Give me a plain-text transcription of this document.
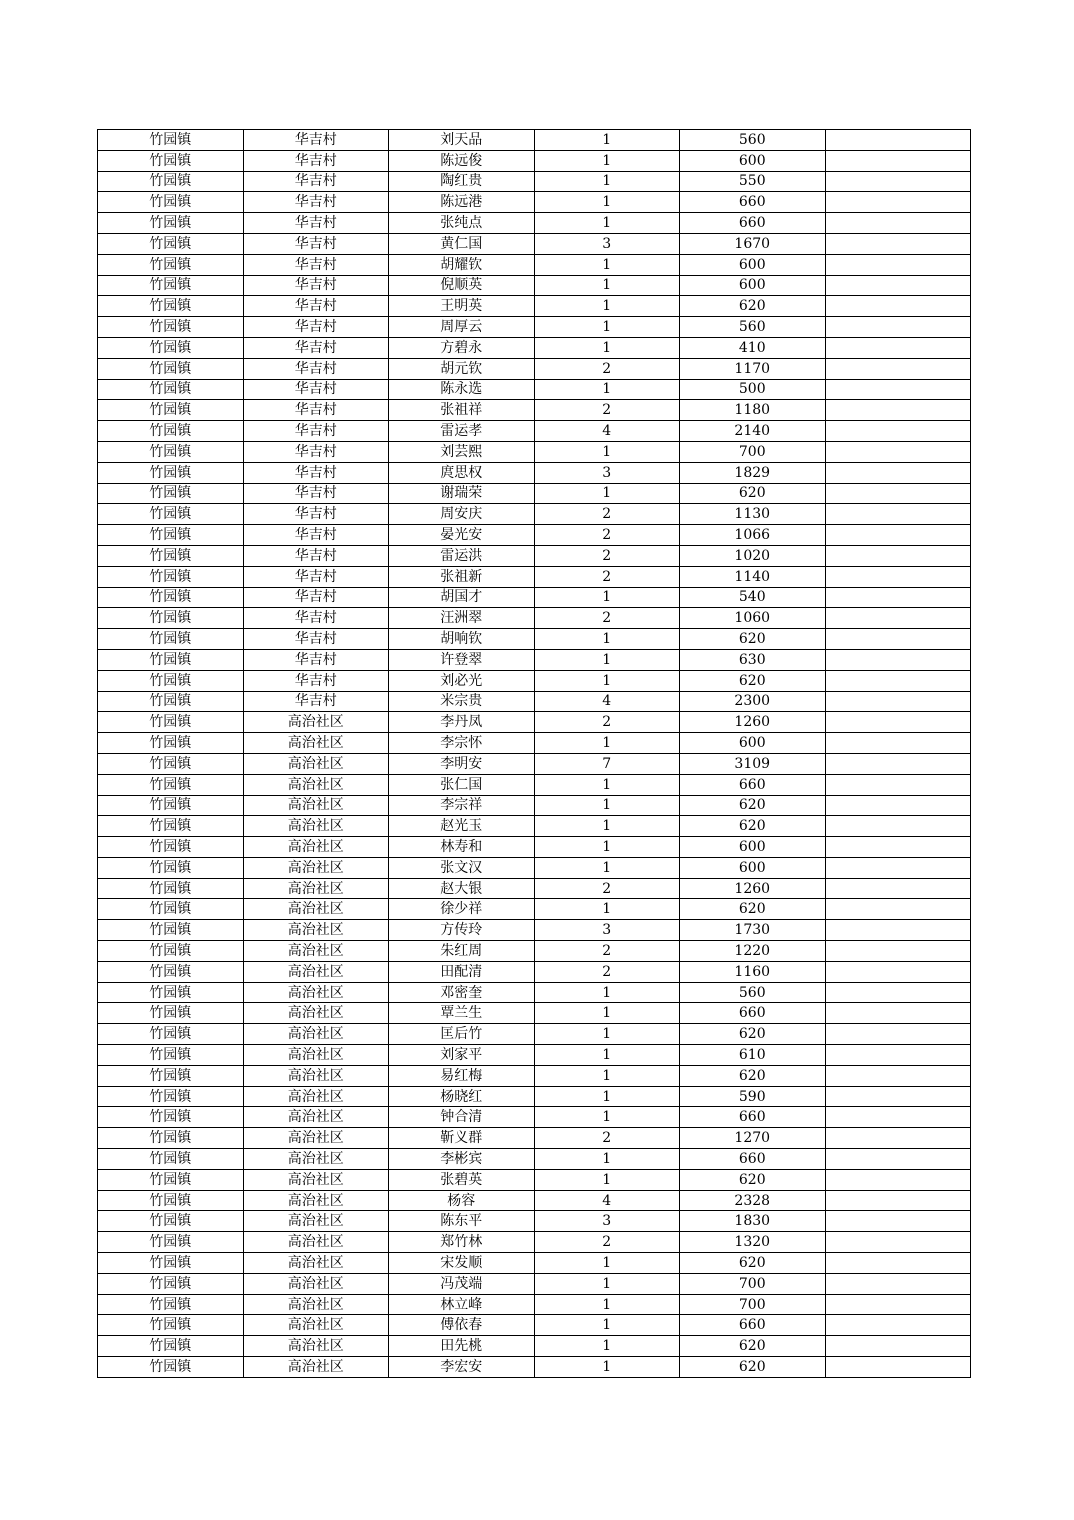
竹园镇	华吉村	刘天品	1	560	
竹园镇	华吉村	陈远俊	1	600	
竹园镇	华吉村	陶红贵	1	550	
竹园镇	华吉村	陈远港	1	660	
竹园镇	华吉村	张纯点	1	660	
竹园镇	华吉村	黄仁国	3	1670	
竹园镇	华吉村	胡耀钦	1	600	
竹园镇	华吉村	倪顺英	1	600	
竹园镇	华吉村	王明英	1	620	
竹园镇	华吉村	周厚云	1	560	
竹园镇	华吉村	方碧永	1	410	
竹园镇	华吉村	胡元钦	2	1170	
竹园镇	华吉村	陈永选	1	500	
竹园镇	华吉村	张祖祥	2	1180	
竹园镇	华吉村	雷运孝	4	2140	
竹园镇	华吉村	刘芸熙	1	700	
竹园镇	华吉村	庹思权	3	1829	
竹园镇	华吉村	谢瑞荣	1	620	
竹园镇	华吉村	周安庆	2	1130	
竹园镇	华吉村	晏光安	2	1066	
竹园镇	华吉村	雷运洪	2	1020	
竹园镇	华吉村	张祖新	2	1140	
竹园镇	华吉村	胡国才	1	540	
竹园镇	华吉村	汪洲翠	2	1060	
竹园镇	华吉村	胡响钦	1	620	
竹园镇	华吉村	许登翠	1	630	
竹园镇	华吉村	刘必光	1	620	
竹园镇	华吉村	米宗贵	4	2300	
竹园镇	高治社区	李丹凤	2	1260	
竹园镇	高治社区	李宗怀	1	600	
竹园镇	高治社区	李明安	7	3109	
竹园镇	高治社区	张仁国	1	660	
竹园镇	高治社区	李宗祥	1	620	
竹园镇	高治社区	赵光玉	1	620	
竹园镇	高治社区	林寿和	1	600	
竹园镇	高治社区	张文汉	1	600	
竹园镇	高治社区	赵大银	2	1260	
竹园镇	高治社区	徐少祥	1	620	
竹园镇	高治社区	方传玲	3	1730	
竹园镇	高治社区	朱红周	2	1220	
竹园镇	高治社区	田配清	2	1160	
竹园镇	高治社区	邓密奎	1	560	
竹园镇	高治社区	覃兰生	1	660	
竹园镇	高治社区	匡后竹	1	620	
竹园镇	高治社区	刘家平	1	610	
竹园镇	高治社区	易红梅	1	620	
竹园镇	高治社区	杨晓红	1	590	
竹园镇	高治社区	钟合清	1	660	
竹园镇	高治社区	靳义群	2	1270	
竹园镇	高治社区	李彬宾	1	660	
竹园镇	高治社区	张碧英	1	620	
竹园镇	高治社区	杨容	4	2328	
竹园镇	高治社区	陈东平	3	1830	
竹园镇	高治社区	郑竹林	2	1320	
竹园镇	高治社区	宋发顺	1	620	
竹园镇	高治社区	冯茂端	1	700	
竹园镇	高治社区	林立峰	1	700	
竹园镇	高治社区	傅依春	1	660	
竹园镇	高治社区	田先桃	1	620	
竹园镇	高治社区	李宏安	1	620	
